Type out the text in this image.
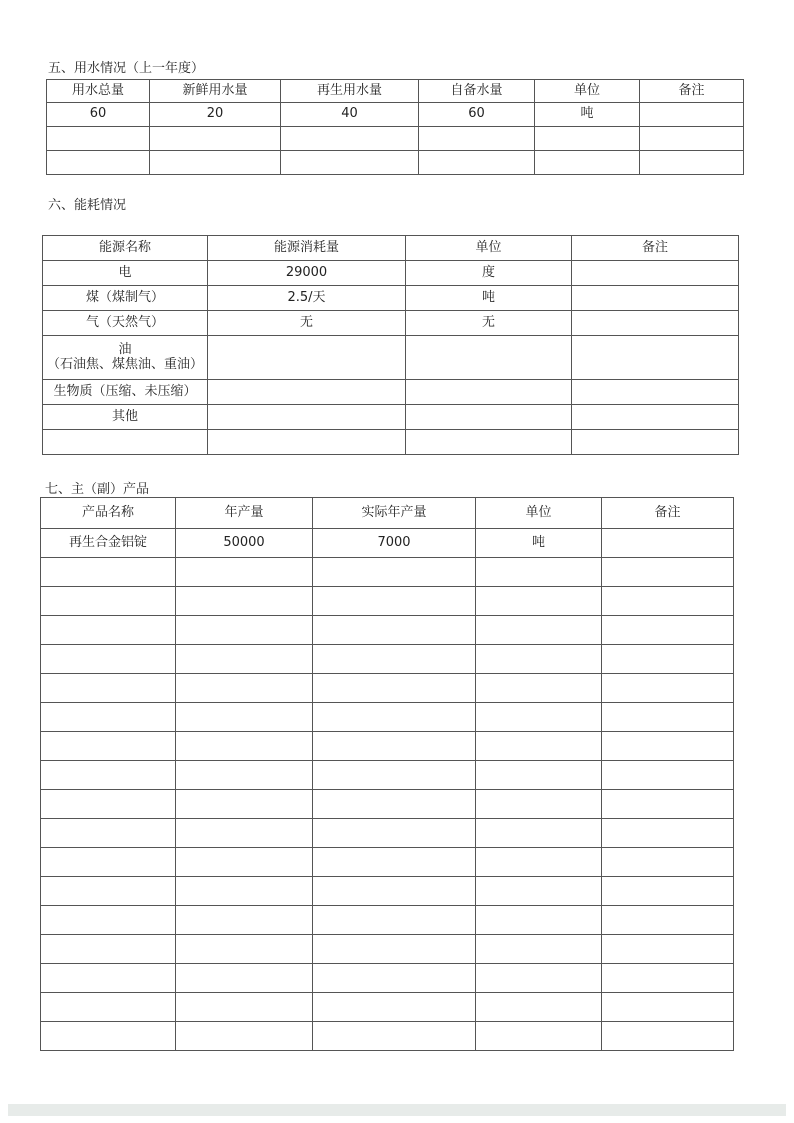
五、用水情况（上一年度）
用水总量	新鲜用水量	再生用水量	自备水量	单位	备注
60	20	40	60	吨	

六、能耗情况
能源名称	能源消耗量	单位	备注
电	29000	度	
煤（煤制气）	2.5/天	吨	
气（天然气）	无	无	
油
（石油焦、煤焦油、重油）			
生物质（压缩、未压缩）			
其他			

七、主（副）产品
产品名称	年产量	实际年产量	单位	备注
再生合金铝锭	50000	7000	吨	
